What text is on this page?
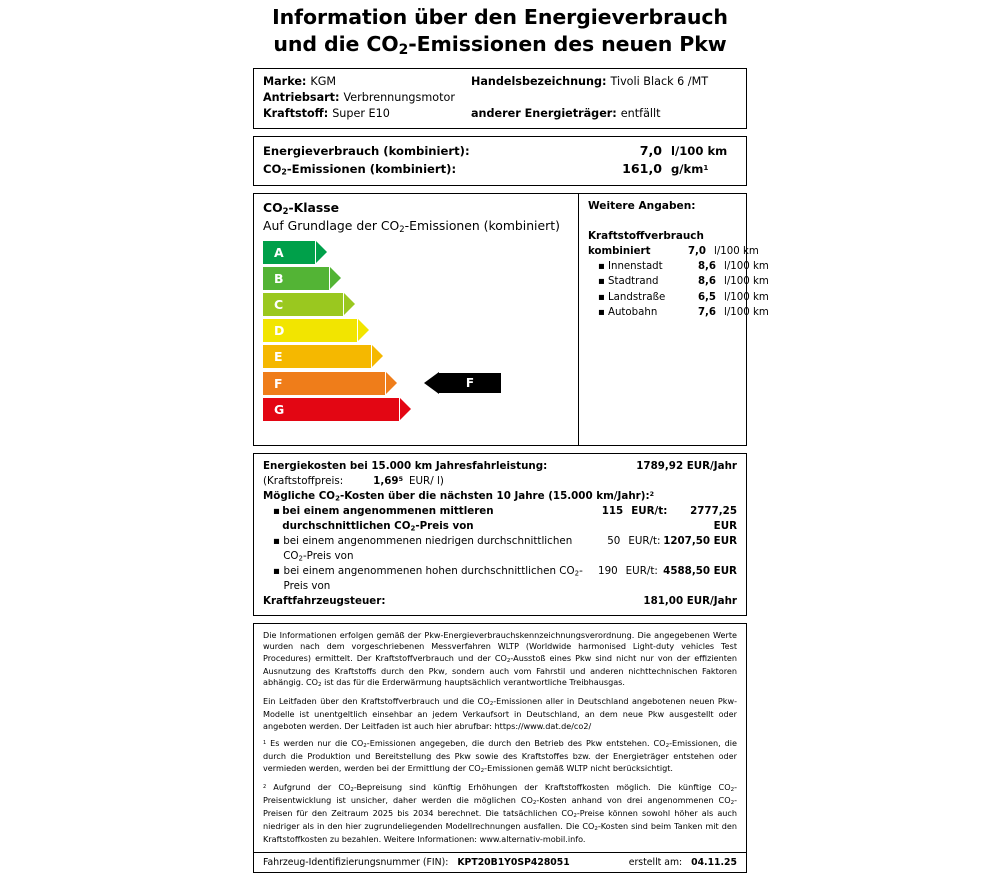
Information über den Energieverbrauch
und die $CO_2$-Emissionen des neuen Pkw
Marke: KGM	Handelsbezeichnung: Tivoli Black 6 /MT
Antriebsart: Verbrennungsmotor
Kraftstoff: Super E10	anderer Energieträger: entfällt
Energieverbrauch (kombiniert):	7,0 l/100 km
$CO_2$-Emissionen (kombiniert):	161,0 $g/km^1$
$CO_2$-Klasse
Auf Grundlage der $CO_2$-Emissionen (kombiniert)
A
B
C
D
E
F	F
G
Weitere Angaben:
Kraftstoffverbrauch
kombiniert	7,0 l/100 km
▪ Innenstadt	8,6 l/100 km
▪ Stadtrand	8,6 l/100 km
▪ Landstraße	6,5 l/100 km
▪ Autobahn	7,6 l/100 km
Energiekosten bei 15.000 km Jahresfahrleistung:	1789,92 EUR/Jahr
(Kraftstoffpreis:	1,69$^5$ EUR/ l)
Mögliche $CO_2$-Kosten über die nächsten 10 Jahre (15.000 km/Jahr):$^2$
▪ bei einem angenommenen mittleren durchschnittlichen $CO_2$-Preis von
115 EUR/t:	2777,25 EUR
▪ bei einem angenommenen niedrigen durchschnittlichen $CO_2$-Preis von
50 EUR/t: 1207,50 EUR
▪ bei einem angenommenen hohen durchschnittlichen $CO_2$-Preis von
190 EUR/t: 4588,50 EUR
Kraftfahrzeugsteuer:	181,00 EUR/Jahr

Die Informationen erfolgen gemäß der Pkw-Energieverbrauchskennzeichnungsverordnung. Die angegebenen Werte wurden nach dem vorgeschriebenen Messverfahren WLTP (Worldwide harmonised Light-duty vehicles Test Procedures) ermittelt. Der Kraftstoffverbrauch und der $CO_2$-Ausstoß eines Pkw sind nicht nur von der effizienten Ausnutzung des Kraftstoffs durch den Pkw, sondern auch vom Fahrstil und anderen nichttechnischen Faktoren abhängig. $CO_2$ ist das für die Erderwärmung hauptsächlich verantwortliche Treibhausgas.

Ein Leitfaden über den Kraftstoffverbrauch und die $CO_2$-Emissionen aller in Deutschland angebotenen neuen Pkw-Modelle ist unentgeltlich einsehbar an jedem Verkaufsort in Deutschland, an dem neue Pkw ausgestellt oder angeboten werden. Der Leitfaden ist auch hier abrufbar: https://www.dat.de/co2/

$^1$ Es werden nur die $CO_2$-Emissionen angegeben, die durch den Betrieb des Pkw entstehen. $CO_2$-Emissionen, die durch die Produktion und Bereitstellung des Pkw sowie des Kraftstoffes bzw. der Energieträger entstehen oder vermieden werden, werden bei der Ermittlung der $CO_2$-Emissionen gemäß WLTP nicht berücksichtigt.

$^2$ Aufgrund der $CO_2$-Bepreisung sind künftig Erhöhungen der Kraftstoffkosten möglich. Die künftige $CO_2$-Preisentwicklung ist unsicher, daher werden die möglichen $CO_2$-Kosten anhand von drei angenommenen $CO_2$-Preisen für den Zeitraum 2025 bis 2034 berechnet. Die tatsächlichen $CO_2$-Preise können sowohl höher als auch niedriger als in den hier zugrundeliegenden Modellrechnungen ausfallen. Die $CO_2$-Kosten sind beim Tanken mit den Kraftstoffkosten zu bezahlen. Weitere Informationen: www.alternativ-mobil.info.

Fahrzeug-Identifizierungsnummer (FIN): KPT20B1Y0SP428051	erstellt am: 04.11.25
